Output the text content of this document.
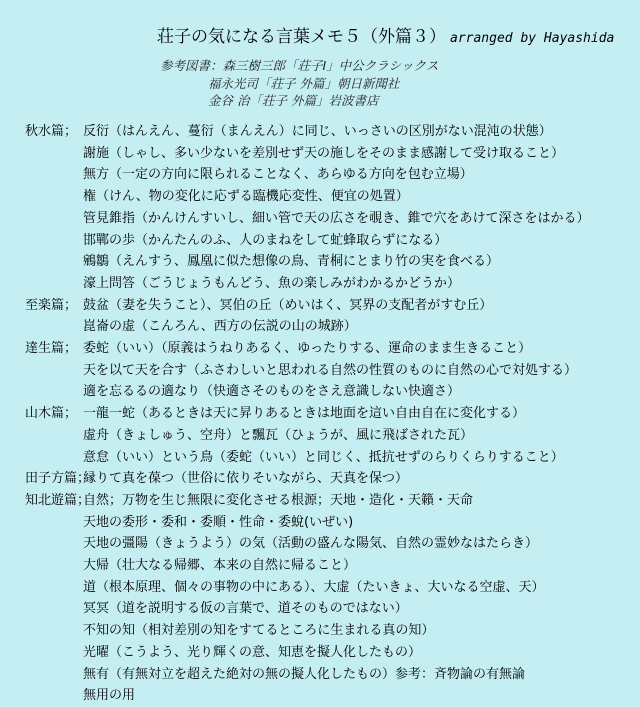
荘子の気になる言葉メモ５（外篇３） arranged by Hayashida
参考図書：森三樹三郎「荘子Ⅰ」中公クラシックス
福永光司「荘子 外篇」朝日新聞社
金谷 治「荘子 外篇」岩波書店
秋水篇； 反衍（はんえん、蔓衍（まんえん）に同じ、いっさいの区別がない混沌の状態）
謝施（しゃし、多い少ないを差別せず天の施しをそのまま感謝して受け取ること）
無方（一定の方向に限られることなく、あらゆる方向を包む立場）
権（けん、物の変化に応ずる臨機応変性、便宜の処置）
管見錐指（かんけんすいし、細い管で天の広さを覗き、錐で穴をあけて深さをはかる）
邯鄲の歩（かんたんのふ、人のまねをして虻蜂取らずになる）
鵷鶵（えんすう、鳳凰に似た想像の鳥、青桐にとまり竹の実を食べる）
濠上問答（ごうじょうもんどう、魚の楽しみがわかるかどうか）
至楽篇； 鼓盆（妻を失うこと）、冥伯の丘（めいはく、冥界の支配者がすむ丘）
崑崙の虚（こんろん、西方の伝説の山の城跡）
達生篇； 委蛇（いい）（原義はうねりあるく、ゆったりする、運命のまま生きること）
天を以て天を合す（ふさわしいと思われる自然の性質のものに自然の心で対処する）
適を忘るるの適なり（快適さそのものをさえ意識しない快適さ）
山木篇； 一龍一蛇（あるときは天に昇りあるときは地面を這い自由自在に変化する）
虚舟（きょしゅう、空舟）と飄瓦（ひょうが、風に飛ばされた瓦）
意怠（いい）という鳥（委蛇（いい）と同じく、抵抗せずのらりくらりすること）
田子方篇；
縁りて真を葆つ（世俗に依りそいながら、天真を保つ）
知北遊篇；
自然；万物を生じ無限に変化させる根源；天地・造化・天籟・天命
天地の委形・委和・委順・性命・委蛻(いぜい)
天地の彊陽（きょうよう）の気（活動の盛んな陽気、自然の霊妙なはたらき）
大帰（壮大なる帰郷、本来の自然に帰ること）
道（根本原理、個々の事物の中にある）、大虚（たいきょ、大いなる空虚、天）
冥冥（道を説明する仮の言葉で、道そのものではない）
不知の知（相対差別の知をすてるところに生まれる真の知）
光曜（こうよう、光り輝くの意、知恵を擬人化したもの）
無有（有無対立を超えた絶対の無の擬人化したもの）参考：斉物論の有無論
無用の用
